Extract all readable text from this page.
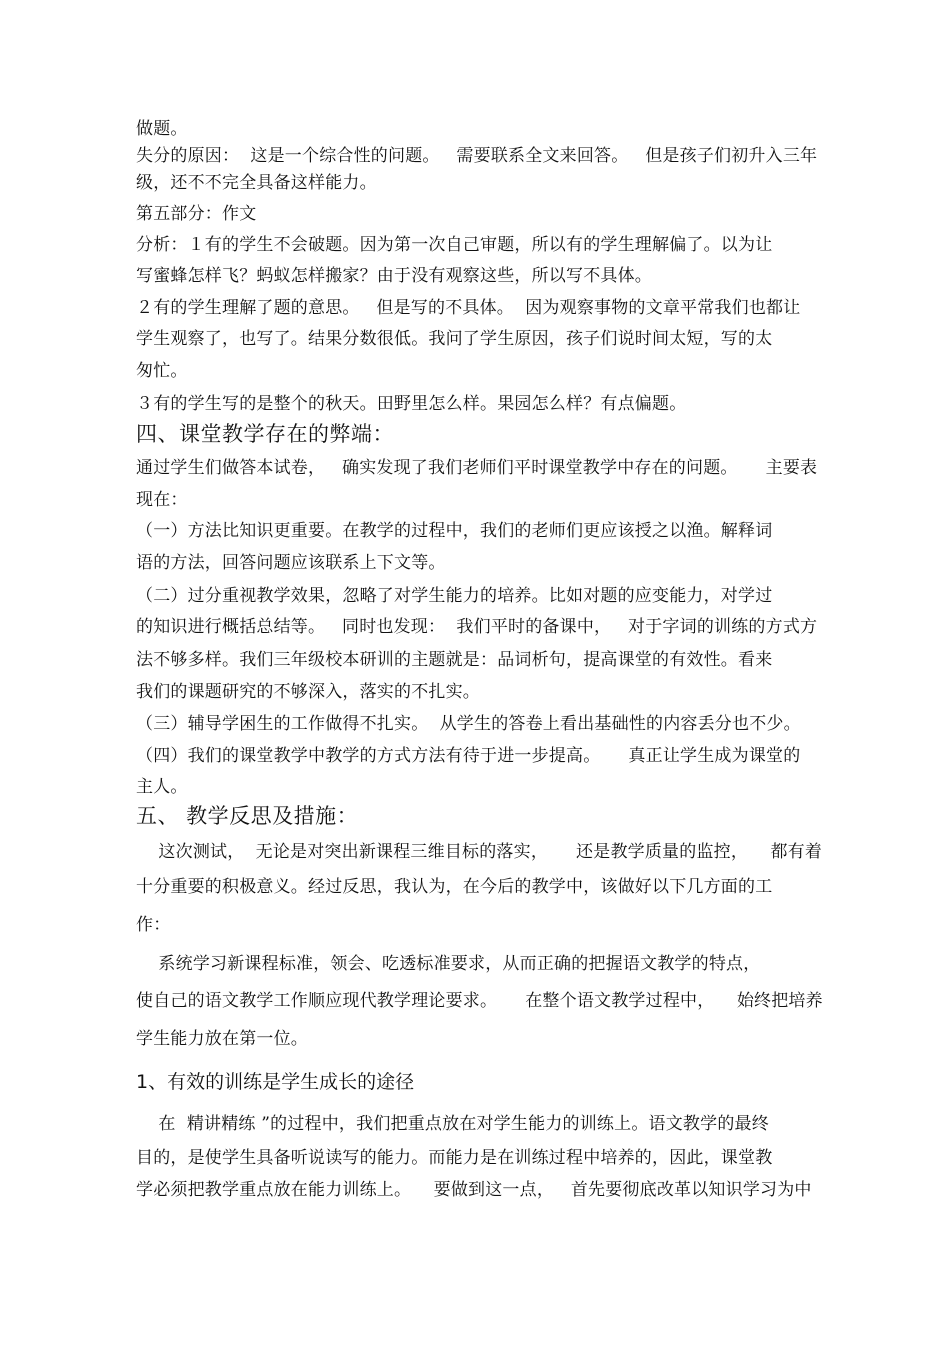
做题。
失分的原因：  这是一个综合性的问题。   需要联系全文来回答。   但是孩子们初升入三年
级，还不不完全具备这样能力。
第五部分：作文
分析：１有的学生不会破题。因为第一次自己审题，所以有的学生理解偏了。以为让
写蜜蜂怎样飞？蚂蚁怎样搬家？由于没有观察这些，所以写不具体。
２有的学生理解了题的意思。   但是写的不具体。  因为观察事物的文章平常我们也都让
学生观察了，也写了。结果分数很低。我问了学生原因，孩子们说时间太短，写的太
匆忙。
３有的学生写的是整个的秋天。田野里怎么样。果园怎么样？有点偏题。
四、课堂教学存在的弊端：
通过学生们做答本试卷，   确实发现了我们老师们平时课堂教学中存在的问题。     主要表
现在：
（一）方法比知识更重要。在教学的过程中，我们的老师们更应该授之以渔。解释词
语的方法，回答问题应该联系上下文等。
（二）过分重视教学效果，忽略了对学生能力的培养。比如对题的应变能力，对学过
的知识进行概括总结等。   同时也发现：  我们平时的备课中，   对于字词的训练的方式方
法不够多样。我们三年级校本研训的主题就是：品词析句，提高课堂的有效性。看来
我们的课题研究的不够深入，落实的不扎实。
（三）辅导学困生的工作做得不扎实。  从学生的答卷上看出基础性的内容丢分也不少。
（四）我们的课堂教学中教学的方式方法有待于进一步提高。     真正让学生成为课堂的
主人。
五、 教学反思及措施：
这次测试，  无论是对突出新课程三维目标的落实，     还是教学质量的监控，    都有着
十分重要的积极意义。经过反思，我认为，在今后的教学中，该做好以下几方面的工
作：
系统学习新课程标准，领会、吃透标准要求，从而正确的把握语文教学的特点，
使自己的语文教学工作顺应现代教学理论要求。     在整个语文教学过程中，    始终把培养
学生能力放在第一位。
1、有效的训练是学生成长的途径
在  精讲精练 ”的过程中，我们把重点放在对学生能力的训练上。语文教学的最终
目的，是使学生具备听说读写的能力。而能力是在训练过程中培养的，因此，课堂教
学必须把教学重点放在能力训练上。    要做到这一点，   首先要彻底改革以知识学习为中
